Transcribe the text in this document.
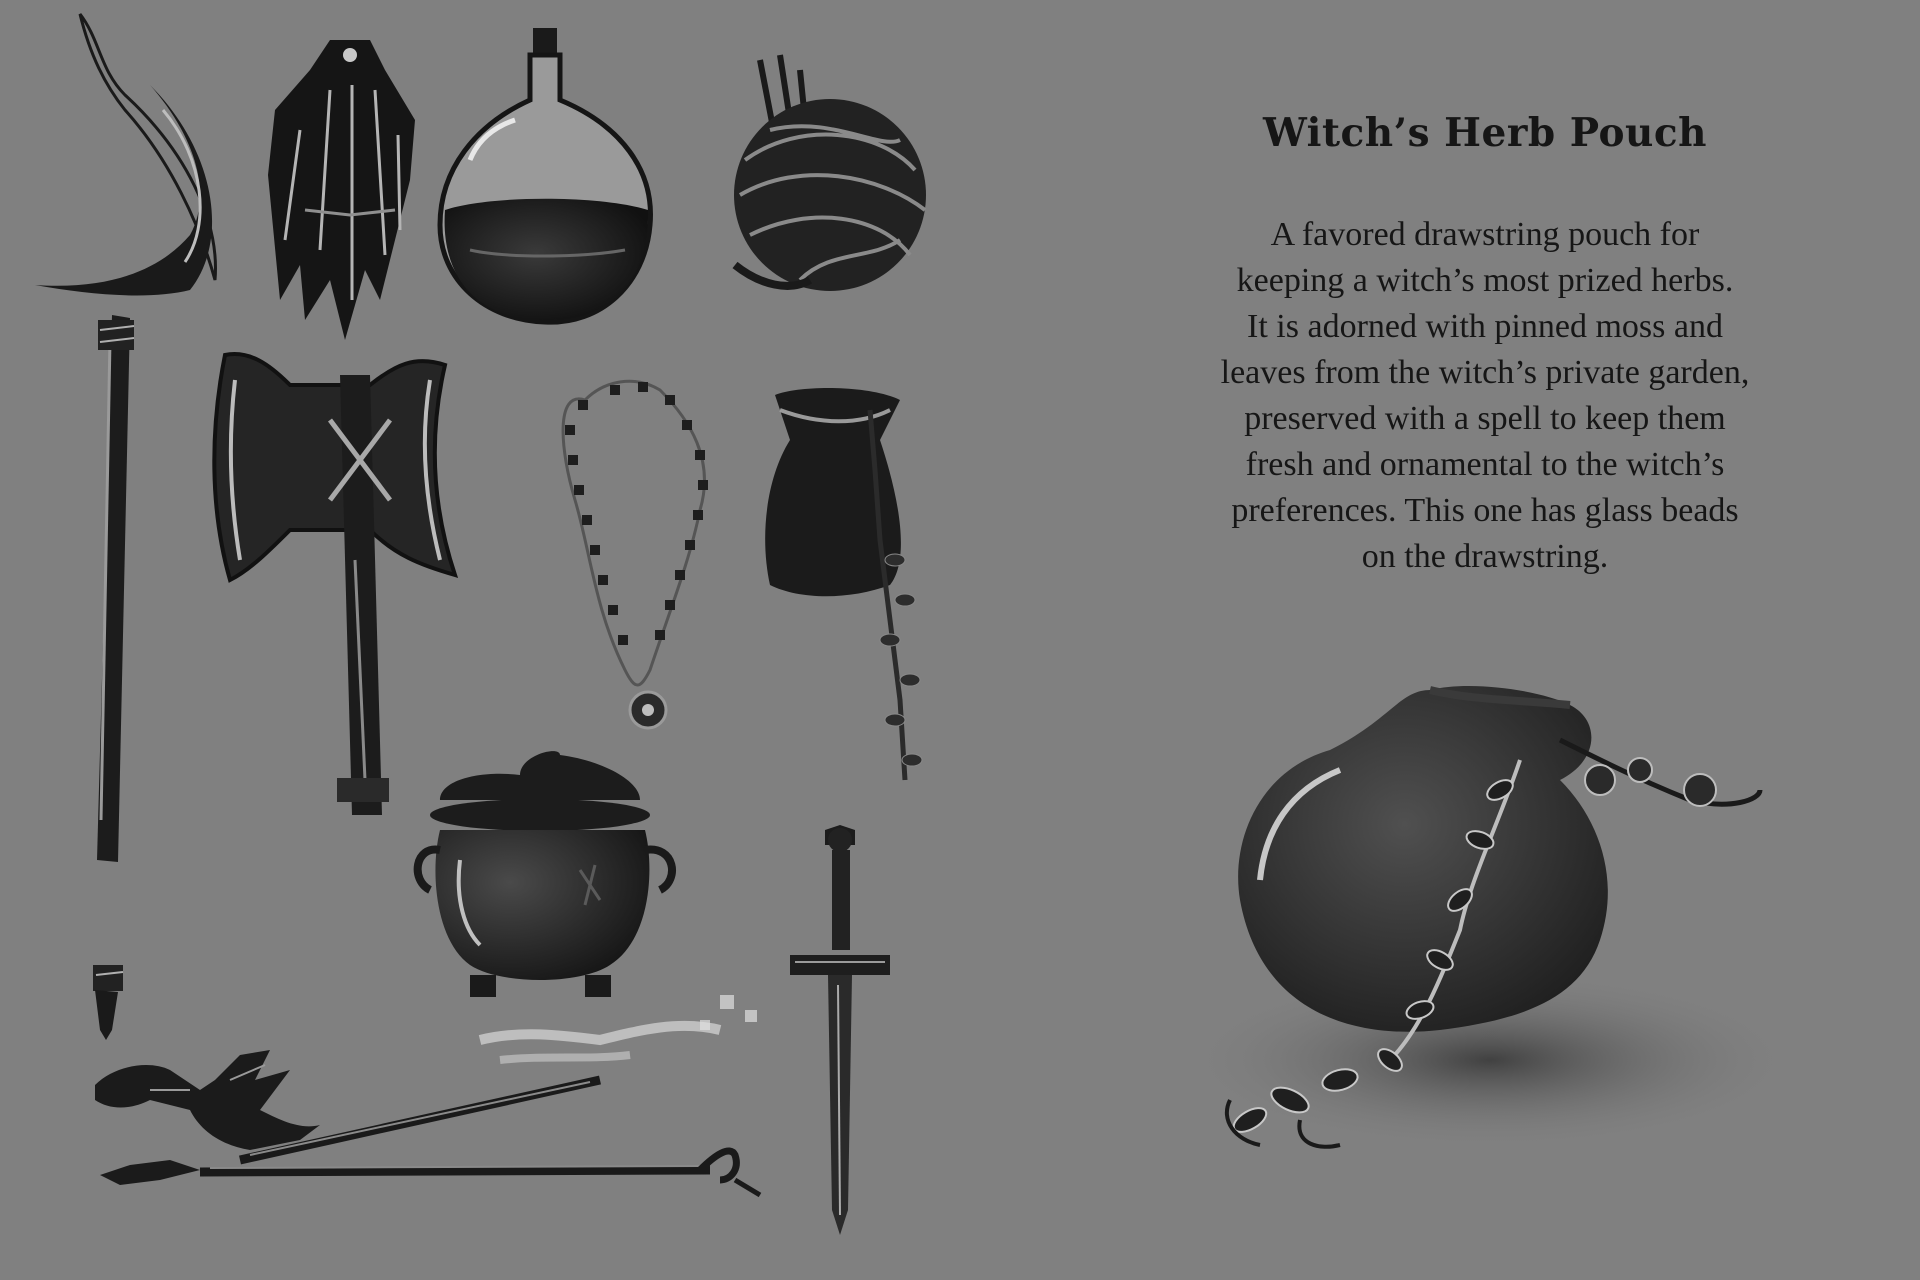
Witch’s Herb Pouch

A favored drawstring pouch for
keeping a witch’s most prized herbs.
It is adorned with pinned moss and
leaves from the witch’s private garden,
preserved with a spell to keep them
fresh and ornamental to the witch’s
preferences. This one has glass beads
on the drawstring.
